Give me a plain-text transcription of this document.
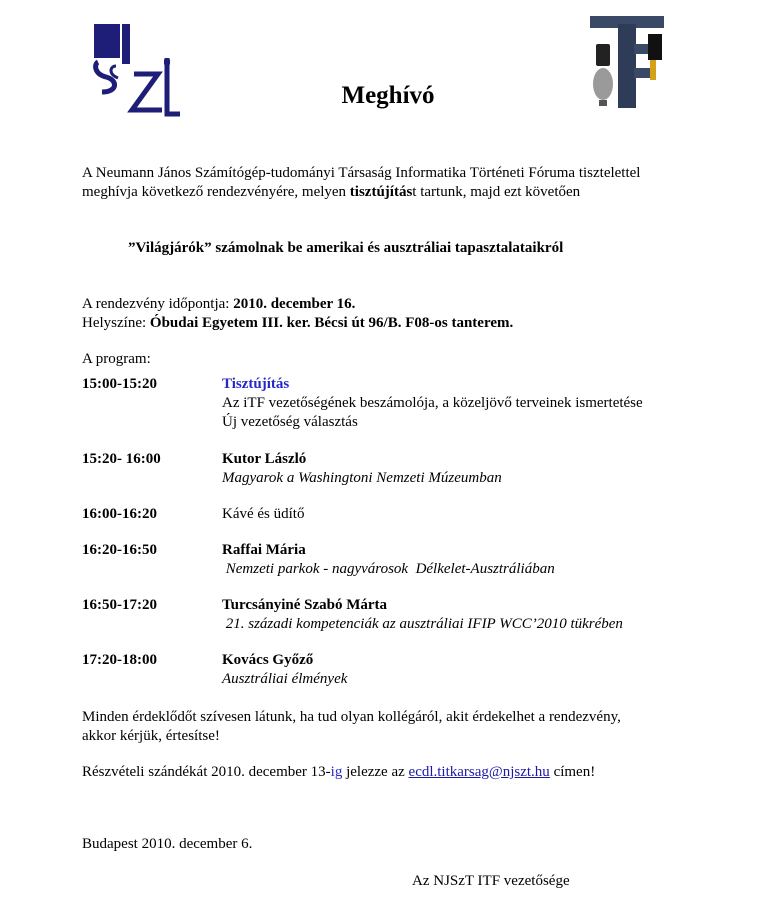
Meghívó
A Neumann János Számítógép-tudományi Társaság Informatika Történeti Fóruma tisztelettel
meghívja következő rendezvényére, melyen tisztújítást tartunk, majd ezt követően
”Világjárók” számolnak be amerikai és ausztráliai tapasztalataikról
A rendezvény időpontja: 2010. december 16.
Helyszíne: Óbudai Egyetem III. ker. Bécsi út 96/B. F08-os tanterem.
A program:
15:00-15:20	Tisztújítás
Az iTF vezetőségének beszámolója, a közeljövő terveinek ismertetése
Új vezetőség választás
15:20- 16:00	Kutor László
Magyarok a Washingtoni Nemzeti Múzeumban
16:00-16:20	Kávé és üdítő
16:20-16:50	Raffai Mária
Nemzeti parkok - nagyvárosok  Délkelet-Ausztráliában
16:50-17:20	Turcsányiné Szabó Márta
21. századi kompetenciák az ausztráliai IFIP WCC’2010 tükrében
17:20-18:00	Kovács Győző
Ausztráliai élmények
Minden érdeklődőt szívesen látunk, ha tud olyan kollégáról, akit érdekelhet a rendezvény,
akkor kérjük, értesítse!
Részvételi szándékát 2010. december 13-ig jelezze az ecdl.titkarsag@njszt.hu címen!
Budapest 2010. december 6.
Az NJSzT ITF vezetősége
